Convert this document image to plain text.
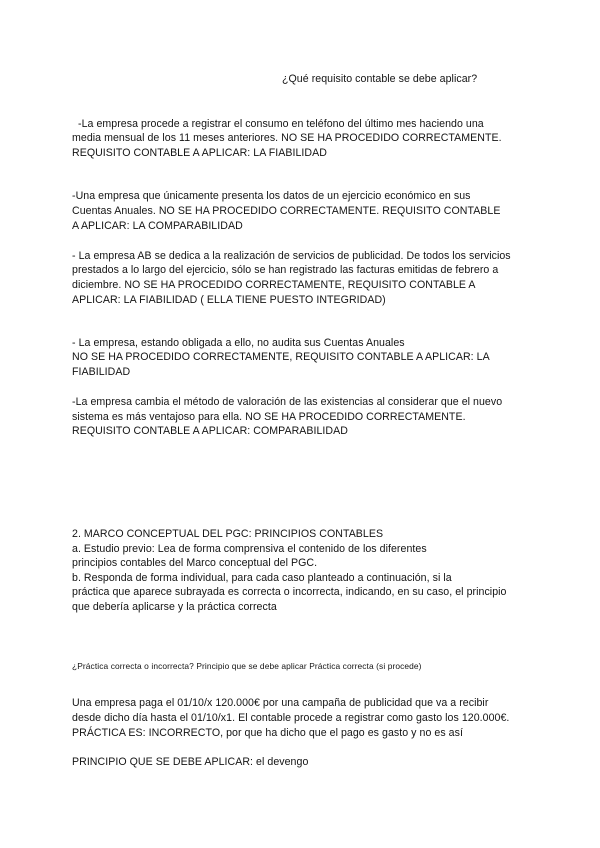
¿Qué requisito contable se debe aplicar?
-La empresa procede a registrar el consumo en teléfono del último mes haciendo una
media mensual de los 11 meses anteriores. NO SE HA PROCEDIDO CORRECTAMENTE.
REQUISITO CONTABLE A APLICAR: LA FIABILIDAD
-Una empresa que únicamente presenta los datos de un ejercicio económico en sus
Cuentas Anuales. NO SE HA PROCEDIDO CORRECTAMENTE. REQUISITO CONTABLE
A APLICAR: LA COMPARABILIDAD
- La empresa AB se dedica a la realización de servicios de publicidad. De todos los servicios
prestados a lo largo del ejercicio, sólo se han registrado las facturas emitidas de febrero a
diciembre. NO SE HA PROCEDIDO CORRECTAMENTE, REQUISITO CONTABLE A
APLICAR: LA FIABILIDAD ( ELLA TIENE PUESTO INTEGRIDAD)
- La empresa, estando obligada a ello, no audita sus Cuentas Anuales
NO SE HA PROCEDIDO CORRECTAMENTE, REQUISITO CONTABLE A APLICAR: LA
FIABILIDAD
-La empresa cambia el método de valoración de las existencias al considerar que el nuevo
sistema es más ventajoso para ella. NO SE HA PROCEDIDO CORRECTAMENTE.
REQUISITO CONTABLE A APLICAR: COMPARABILIDAD
2. MARCO CONCEPTUAL DEL PGC: PRINCIPIOS CONTABLES
a. Estudio previo: Lea de forma comprensiva el contenido de los diferentes
principios contables del Marco conceptual del PGC.
b. Responda de forma individual, para cada caso planteado a continuación, si la
práctica que aparece subrayada es correcta o incorrecta, indicando, en su caso, el principio
que debería aplicarse y la práctica correcta
¿Práctica correcta o incorrecta? Principio que se debe aplicar Práctica correcta (si procede)
Una empresa paga el 01/10/x 120.000€ por una campaña de publicidad que va a recibir
desde dicho día hasta el 01/10/x1. El contable procede a registrar como gasto los 120.000€.
PRÁCTICA ES: INCORRECTO, por que ha dicho que el pago es gasto y no es así
PRINCIPIO QUE SE DEBE APLICAR: el devengo
